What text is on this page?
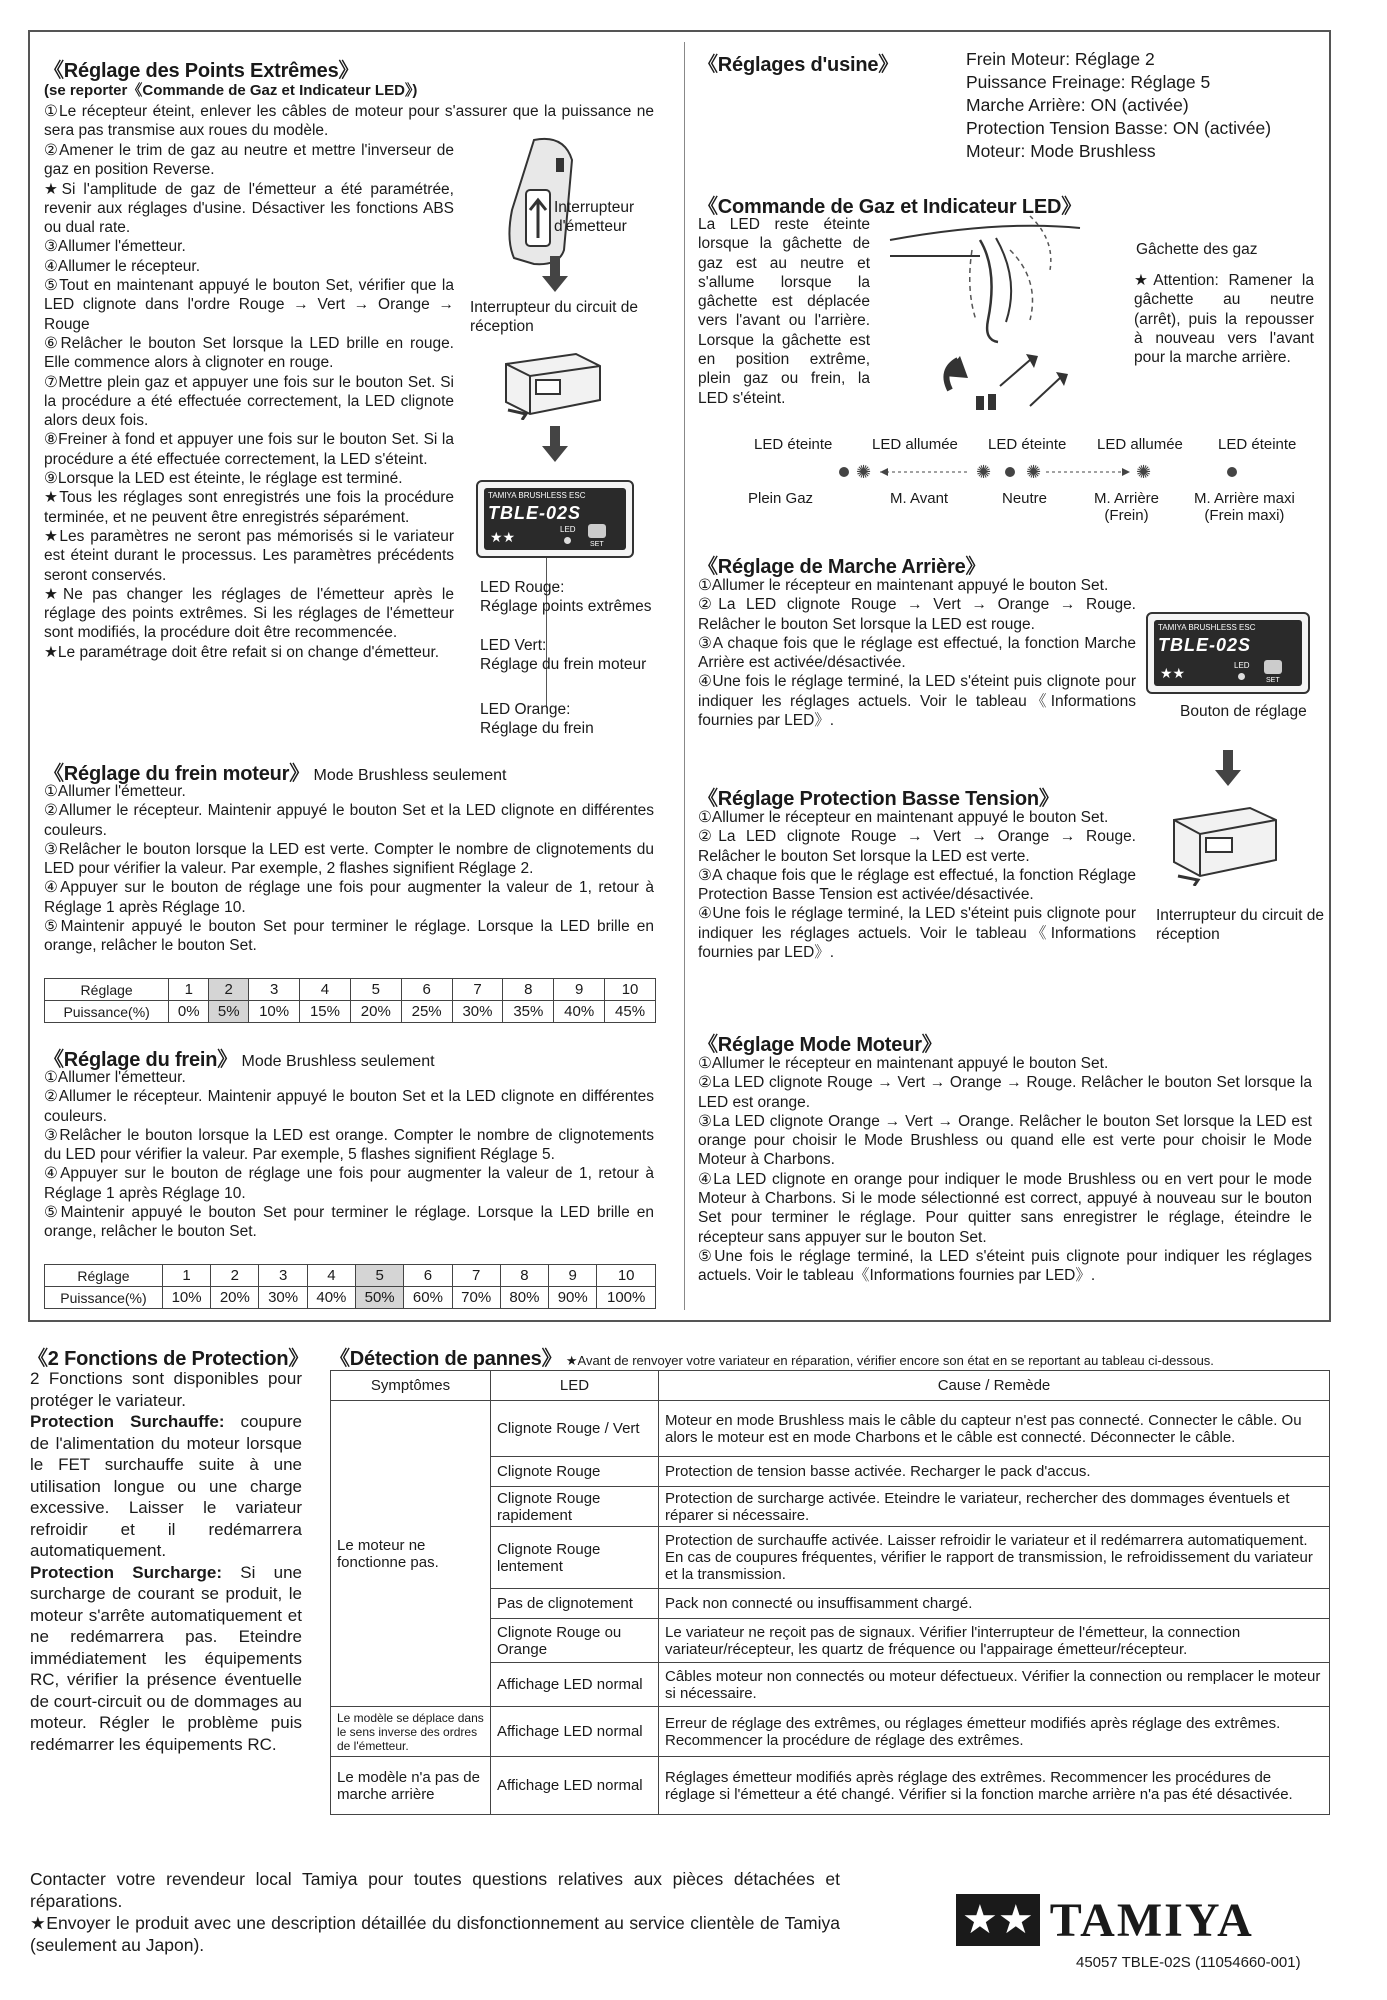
《Réglage des Points Extrêmes》
(se reporter《Commande de Gaz et Indicateur LED》)

①Le récepteur éteint, enlever les câbles de moteur pour s'assurer que la puissance ne sera pas transmise aux roues du modèle.

②Amener le trim de gaz au neutre et mettre l'inverseur de gaz en position Reverse.

★Si l'amplitude de gaz de l'émetteur a été paramétrée, revenir aux réglages d'usine. Désactiver les fonctions ABS ou dual rate.

③Allumer l'émetteur.

④Allumer le récepteur.

⑤Tout en maintenant appuyé le bouton Set, vérifier que la LED clignote dans l'ordre Rouge → Vert → Orange → Rouge

⑥Relâcher le bouton Set lorsque la LED brille en rouge. Elle commence alors à clignoter en rouge.

⑦Mettre plein gaz et appuyer une fois sur le bouton Set. Si la procédure a été effectuée correctement, la LED clignote alors deux fois.

⑧Freiner à fond et appuyer une fois sur le bouton Set. Si la procédure a été effectuée correctement, la LED s'éteint.

⑨Lorsque la LED est éteinte, le réglage est terminé.

★Tous les réglages sont enregistrés une fois la procédure terminée, et ne peuvent être enregistrés séparément.

★Les paramètres ne seront pas mémorisés si le variateur est éteint durant le processus. Les paramètres précédents seront conservés.

★Ne pas changer les réglages de l'émetteur après le réglage des points extrêmes. Si les réglages de l'émetteur sont modifiés, la procédure doit être recommencée.

★Le paramétrage doit être refait si on change d'émetteur.

Interrupteur d'émetteur
Interrupteur du circuit de réception
TAMIYA BRUSHLESS ESC
TBLE-02S
★★	LED
SET
LED Rouge:
Réglage points extrêmes
LED Vert:
Réglage du frein moteur
LED Orange:
Réglage du frein
《Réglage du frein moteur》 Mode Brushless seulement

①Allumer l'émetteur.

②Allumer le récepteur. Maintenir appuyé le bouton Set et la LED clignote en différentes couleurs.

③Relâcher le bouton lorsque la LED est verte. Compter le nombre de clignotements du LED pour vérifier la valeur. Par exemple, 2 flashes signifient Réglage 2.

④Appuyer sur le bouton de réglage une fois pour augmenter la valeur de 1, retour à Réglage 1 après Réglage 10.

⑤Maintenir appuyé le bouton Set pour terminer le réglage. Lorsque la LED brille en orange, relâcher le bouton Set.

Réglage	1	2	3	4	5	6	7	8	9	10
Puissance(%)	0%	5%	10%	15%	20%	25%	30%	35%	40%	45%
《Réglage du frein》 Mode Brushless seulement

①Allumer l'émetteur.

②Allumer le récepteur. Maintenir appuyé le bouton Set et la LED clignote en différentes couleurs.

③Relâcher le bouton lorsque la LED est orange. Compter le nombre de clignotements du LED pour vérifier la valeur. Par exemple, 5 flashes signifient Réglage 5.

④Appuyer sur le bouton de réglage une fois pour augmenter la valeur de 1, retour à Réglage 1 après Réglage 10.

⑤Maintenir appuyé le bouton Set pour terminer le réglage. Lorsque la LED brille en orange, relâcher le bouton Set.

Réglage	1	2	3	4	5	6	7	8	9	10
Puissance(%)	10%	20%	30%	40%	50%	60%	70%	80%	90%	100%
《Réglages d'usine》	Frein Moteur: Réglage 2
Puissance Freinage: Réglage 5
Marche Arrière: ON (activée)
Protection Tension Basse: ON (activée)
Moteur: Mode Brushless
《Commande de Gaz et Indicateur LED》
La LED reste éteinte lorsque la gâchette de gaz est au neutre et s'allume lorsque la gâchette est déplacée vers l'avant ou l'arrière. Lorsque la gâchette est en position extrême, plein gaz ou frein, la LED s'éteint.
Gâchette des gaz
★Attention: Ramener la gâchette au neutre (arrêt), puis la repousser à nouveau vers l'avant pour la marche arrière.
LED éteinte	LED allumée LED éteinte LED allumée LED éteinte
✺	✺ ✺	✺
Plein Gaz	M. Avant	Neutre	M. Arrière
(Frein)
M. Arrière maxi
(Frein maxi)
《Réglage de Marche Arrière》

①Allumer le récepteur en maintenant appuyé le bouton Set.

②La LED clignote Rouge → Vert → Orange → Rouge. Relâcher le bouton Set lorsque la LED est rouge.

③A chaque fois que le réglage est effectué, la fonction Marche Arrière est activée/désactivée.

④Une fois le réglage terminé, la LED s'éteint puis clignote pour indiquer les réglages actuels. Voir le tableau《Informations fournies par LED》.

TAMIYA BRUSHLESS ESC
TBLE-02S
★★	LED
SET
Bouton de réglage
《Réglage Protection Basse Tension》

①Allumer le récepteur en maintenant appuyé le bouton Set.

②La LED clignote Rouge → Vert → Orange → Rouge. Relâcher le bouton Set lorsque la LED est verte.

③A chaque fois que le réglage est effectué, la fonction Réglage Protection Basse Tension est activée/désactivée.

④Une fois le réglage terminé, la LED s'éteint puis clignote pour indiquer les réglages actuels. Voir le tableau《Informations fournies par LED》.

Interrupteur du circuit de réception
《Réglage Mode Moteur》

①Allumer le récepteur en maintenant appuyé le bouton Set.

②La LED clignote Rouge → Vert → Orange → Rouge. Relâcher le bouton Set lorsque la LED est orange.

③La LED clignote Orange → Vert → Orange. Relâcher le bouton Set lorsque la LED est orange pour choisir le Mode Brushless ou quand elle est verte pour choisir le Mode Moteur à Charbons.

④La LED clignote en orange pour indiquer le mode Brushless ou en vert pour le mode Moteur à Charbons. Si le mode sélectionné est correct, appuyé à nouveau sur le bouton Set pour terminer le réglage. Pour quitter sans enregistrer le réglage, éteindre le récepteur sans appuyer sur le bouton Set.

⑤Une fois le réglage terminé, la LED s'éteint puis clignote pour indiquer les réglages actuels. Voir le tableau《Informations fournies par LED》.

《2 Fonctions de Protection》

2 Fonctions sont disponibles pour protéger le variateur.

Protection Surchauffe: coupure de l'alimentation du moteur lorsque le FET surchauffe suite à une utilisation longue ou une charge excessive. Laisser le variateur refroidir et il redémarrera automatiquement.

Protection Surcharge: Si une surcharge de courant se produit, le moteur s'arrête automatiquement et ne redémarrera pas. Eteindre immédiatement les équipements RC, vérifier la présence éventuelle de court-circuit ou de dommages au moteur. Régler le problème puis redémarrer les équipements RC.

《Détection de pannes》 ★Avant de renvoyer votre variateur en réparation, vérifier encore son état en se reportant au tableau ci-dessous.
Symptômes	LED	Cause / Remède
Le moteur ne fonctionne pas.	Clignote Rouge / Vert	Moteur en mode Brushless mais le câble du capteur n'est pas connecté. Connecter le câble. Ou alors le moteur est en mode Charbons et le câble est connecté. Déconnecter le câble.
	Clignote Rouge	Protection de tension basse activée. Recharger le pack d'accus.
	Clignote Rouge rapidement	Protection de surcharge activée. Eteindre le variateur, rechercher des dommages éventuels et réparer si nécessaire.
	Clignote Rouge lentement	Protection de surchauffe activée. Laisser refroidir le variateur et il redémarrera automatiquement. En cas de coupures fréquentes, vérifier le rapport de transmission, le refroidissement du variateur et la transmission.
	Pas de clignotement	Pack non connecté ou insuffisamment chargé.
	Clignote Rouge ou Orange	Le variateur ne reçoit pas de signaux. Vérifier l'interrupteur de l'émetteur, la connection variateur/récepteur, les quartz de fréquence ou l'appairage émetteur/récepteur.
	Affichage LED normal	Câbles moteur non connectés ou moteur défectueux. Vérifier la connection ou remplacer le moteur si nécessaire.
Le modèle se déplace dans le sens inverse des ordres de l'émetteur.	Affichage LED normal	Erreur de réglage des extrêmes, ou réglages émetteur modifiés après réglage des extrêmes. Recommencer la procédure de réglage des extrêmes.
Le modèle n'a pas de marche arrière	Affichage LED normal	Réglages émetteur modifiés après réglage des extrêmes. Recommencer les procédures de réglage si l'émetteur a été changé. Vérifier si la fonction marche arrière n'a pas été désactivée.

Contacter votre revendeur local Tamiya pour toutes questions relatives aux pièces détachées et réparations.

★Envoyer le produit avec une description détaillée du disfonctionnement au service clientèle de Tamiya (seulement au Japon).

★★ TAMIYA
45057 TBLE-02S (11054660-001)
